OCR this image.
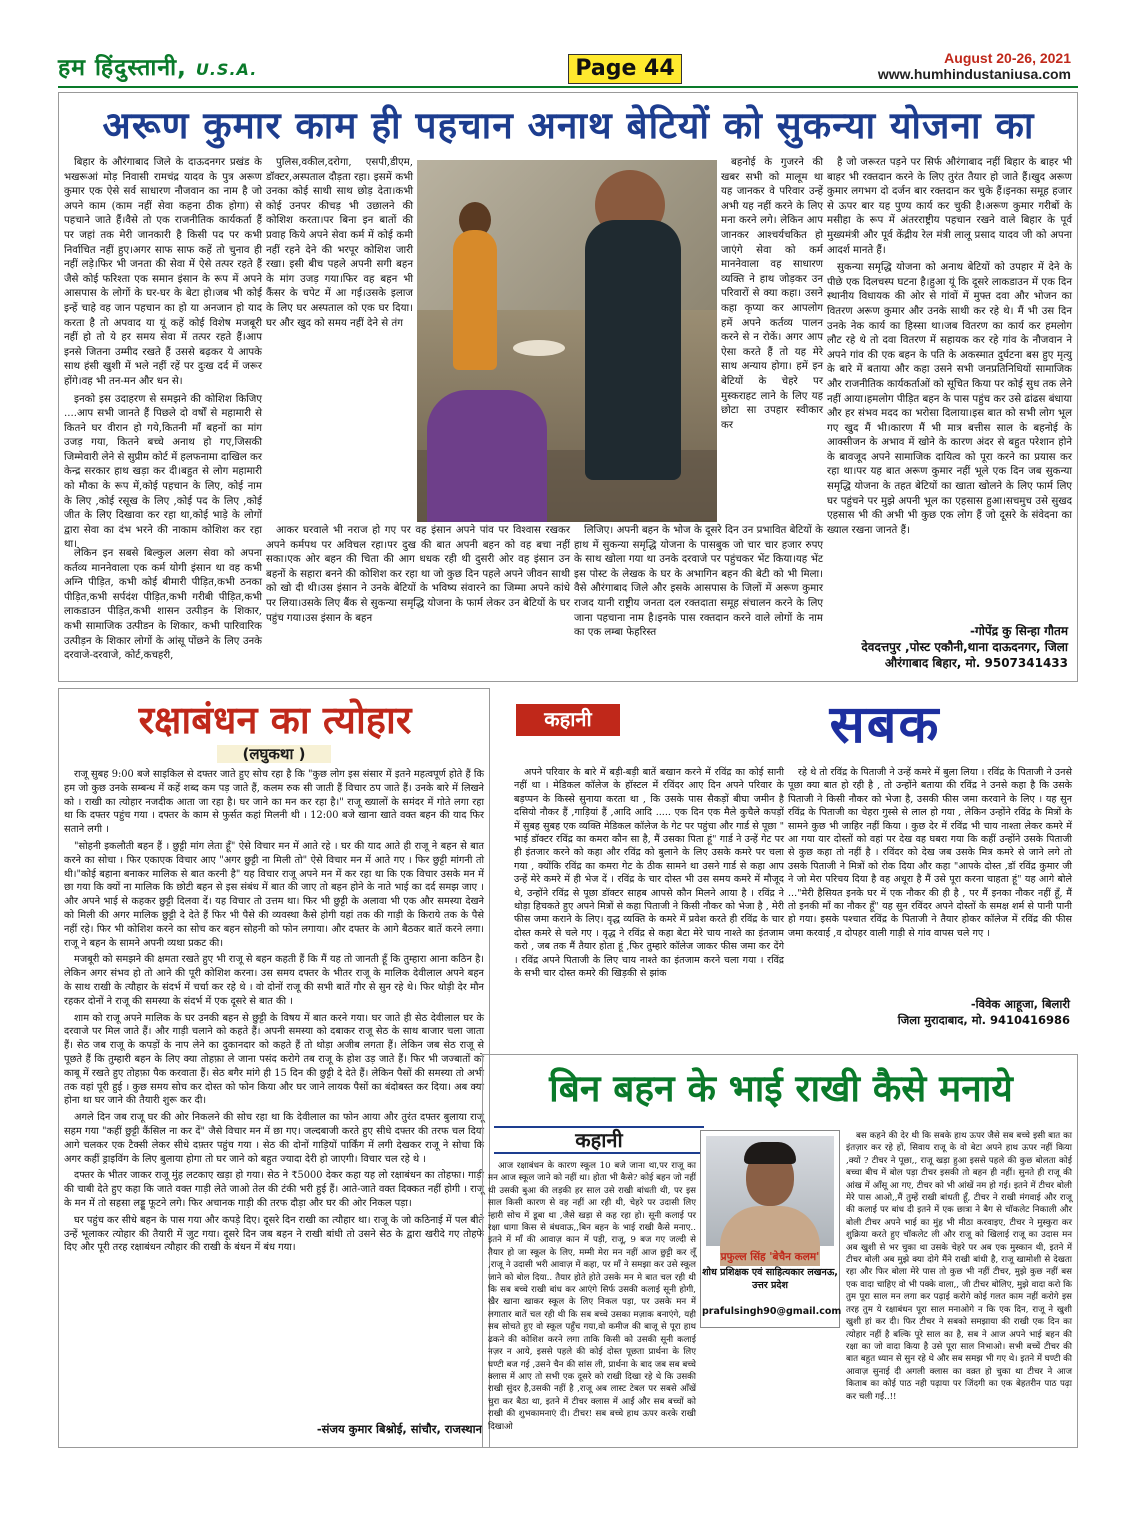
हम हिंदुस्तानी, U.S.A.	Page 44	August 20-26, 2021
www.humhindustaniusa.com
अरूण कुमार काम ही पहचान अनाथ बेटियों को सुकन्या योजना का

बिहार के औरंगाबाद जिले के दाऊदनगर प्रखंड के भखरूआं मोड़ निवासी रामचंद्र यादव के पुत्र अरूण कुमार एक ऐसे सर्व साधारण नौजवान का नाम है जो अपने काम (काम नहीं सेवा कहना ठीक होगा) से पहचाने जाते हैं।वैसे तो एक राजनीतिक कार्यकर्ता हैं पर जहां तक मेरी जानकारी है किसी पद पर कभी निर्वाचित नहीं हुए।अगर साफ साफ कहें तो चुनाव ही नहीं लड़े।फिर भी जनता की सेवा में ऐसे तत्पर रहते हैं जैसे कोई फरिश्ता एक समान इंसान के रूप में अपने आसपास के लोगों के घर-घर के बेटा हो।जब भी कोई इन्हें चाहे वह जान पहचान का हो या अनजान हो याद करता है तो अपवाद या यूं कहें कोई विशेष मजबूरी नहीं हो तो ये हर समय सेवा में तत्पर रहते हैं।आप इनसे जितना उम्मीद रखते हैं उससे बढ़कर ये आपके साथ हंसी खुशी में भले नहीं रहें पर दुःख दर्द में जरूर होंगे।वह भी तन-मन और धन से।

इनको इस उदाहरण से समझने की कोशिश किजिए ....आप सभी जानते हैं पिछले दो वर्षों से महामारी से कितने घर वीरान हो गये,कितनी माँ बहनों का मांग उजड़ गया, कितने बच्चे अनाथ हो गए,जिसकी जिम्मेवारी लेने से सुप्रीम कोर्ट में हलफनामा दाखिल कर केन्द्र सरकार हाथ खड़ा कर दी।बहुत से लोग महामारी को मौका के रूप में,कोई पहचान के लिए, कोई नाम के लिए ,कोई रसूख के लिए ,कोई पद के लिए ,कोई जीत के लिए दिखावा कर रहा था,कोई भाड़े के लोगों द्वारा सेवा का दंभ भरने की नाकाम कोशिश कर रहा था।

लेकिन इन सबसे बिल्कुल अलग सेवा को अपना कर्तव्य माननेवाला एक कर्म योगी इंसान था वह कभी अग्नि पीड़ित, कभी कोई बीमारी पीड़ित,कभी ठनका पीड़ित,कभी सर्पदंश पीड़ित,कभी गरीबी पीड़ित,कभी लाकडाउन पीड़ित,कभी शासन उत्पीड़न के शिकार, कभी सामाजिक उत्पीडन के शिकार, कभी पारिवारिक उत्पीड़न के शिकार लोगों के आंसू पोंछने के लिए उनके दरवाजे-दरवाजे, कोर्ट,कचहरी,

पुलिस,वकील,दरोगा, एसपी,डीएम, डॉक्टर,अस्पताल दौड़ता रहा। इसमें कभी उनका कोई साथी साथ छोड़ देता।कभी कोई उनपर कीचड़ भी उछालने की कोशिश करता।पर बिना इन बातों की प्रवाह किये अपने सेवा कर्म में कोई कमी नहीं रहने देने की भरपूर कोशिश जारी रखा। इसी बीच पहले अपनी सगी बहन के मांग उजड़ गया।फिर वह बहन भी कैंसर के चपेट में आ गई।उसके इलाज के लिए घर अस्पताल को एक घर दिया।घर और खुद को समय नहीं देने से तंग

बहनोई के गुजरने की खबर सभी को मालूम था यह जानकर वे परिवार उन्हें अभी यह नहीं करने के लिए मना करने लगे। लेकिन आप जानकर आश्चर्यचकित हो जाएंगे सेवा को कर्म माननेवाला वह साधारण व्यक्ति ने हाथ जोड़कर उन परिवारों से क्या कहा। उसने कहा कृप्या कर आपलोग हमें अपने कर्तव्य पालन करने से न रोकें। अगर आप ऐसा करते हैं तो यह मेरे साथ अन्याय होगा। हमें इन बेटियों के चेहरे पर मुस्कराहट लाने के लिए यह छोटा सा उपहार स्वीकार कर

आकर घरवाले भी नराज हो गए पर वह इंसान अपने पांव पर विश्वास रखकर अपने कर्मपथ पर अविचल रहा।पर दुख की बात अपनी बहन को वह बचा नहीं सका।एक ओर बहन की चिता की आग धधक रही थी दुसरी ओर वह इंसान उन बहनों के सहारा बनने की कोशिश कर रहा था जो कुछ दिन पहले अपने जीवन साथी को खो दी थी।उस इंसान ने उनके बेटियों के भविष्य संवारने का जिम्मा अपने कांधे पर लिया।उसके लिए बैंक से सुकन्या समृद्धि योजना के फार्म लेकर उन बेटियों के घर पहुंच गया।उस इंसान के बहन

लिजिए। अपनी बहन के भोज के दूसरे दिन उन प्रभावित बेटियों के हाथ में सुकन्या समृद्धि योजना के पासबुक जो चार चार हजार रुपए के साथ खोला गया था उनके दरवाजे पर पहुंचकर भेंट किया।यह भेंट इस पोस्ट के लेखक के घर के अभागिन बहन की बेटी को भी मिला। वैसे औरंगाबाद जिले और इसके आसपास के जिलों में अरूण कुमार राजद यानी राष्ट्रीय जनता दल रक्तदाता समूह संचालन करने के लिए जाना पहचाना नाम है।इनके पास रक्तदान करने वाले लोगों के नाम का एक लम्बा फेहरिस्त

है जो जरूरत पड़ने पर सिर्फ औरंगाबाद नहीं बिहार के बाहर भी बाहर भी रक्तदान करने के लिए तुरंत तैयार हो जाते हैं।खुद अरूण कुमार लगभग दो दर्जन बार रक्तदान कर चुके हैं।इनका समूह हजार से ऊपर बार यह पुण्य कार्य कर चुकी है।अरूण कुमार गरीबों के मसीहा के रूप में अंतरराष्ट्रीय पहचान रखने वाले बिहार के पूर्व मुख्यमंत्री और पूर्व केंद्रीय रेल मंत्री लालू प्रसाद यादव जी को अपना आदर्श मानते हैं।

सुकन्या समृद्धि योजना को अनाथ बेटियों को उपहार में देने के पीछे एक दिलचस्प घटना है।हुआ यूं कि दूसरे लाकडाउन में एक दिन स्थानीय विधायक की ओर से गांवों में मुफ्त दवा और भोजन का वितरण अरूण कुमार और उनके साथी कर रहे थे। मैं भी उस दिन उनके नेक कार्य का हिस्सा था।जब वितरण का कार्य कर हमलोग लौट रहे थे तो दवा वितरण में सहायक कर रहे गांव के नौजवान ने अपने गांव की एक बहन के पति के अकस्मात दुर्घटना बस हुए मृत्यु के बारे में बताया और कहा उसने सभी जनप्रतिनिधियों सामाजिक और राजनीतिक कार्यकर्ताओं को सूचित किया पर कोई सुध तक लेने नहीं आया।हमलोग पीड़ित बहन के पास पहुंच कर उसे ढांढस बंधाया और हर संभव मदद का भरोसा दिलाया।इस बात को सभी लोग भूल गए खुद मैं भी।कारण मैं भी मात्र बत्तीस साल के बहनोई के आक्सीजन के अभाव में खोने के कारण अंदर से बहुत परेशान होने के बावजूद अपने सामाजिक दायित्व को पूरा करने का प्रयास कर रहा था।पर यह बात अरूण कुमार नहीं भूले एक दिन जब सुकन्या समृद्धि योजना के तहत बेटियों का खाता खोलने के लिए फार्म लिए घर पहुंचने पर मुझे अपनी भूल का एहसास हुआ।सचमुच उसे सुखद एहसास भी की अभी भी कुछ एक लोग हैं जो दूसरे के संवेदना का ख्याल रखना जानते हैं।

-गोपेंद्र कु सिन्हा गौतम
देवदत्तपुर ,पोस्ट एकौनी,थाना दाऊदनगर, जिला
औरंगाबाद बिहार, मो. 9507341433
रक्षाबंधन का त्योहार
(लघुकथा )

राजू सुबह 9:00 बजे साइकिल से दफ्तर जाते हुए सोच रहा है कि "कुछ लोग इस संसार में इतने महत्वपूर्ण होते हैं कि हम जो कुछ उनके सम्बन्ध में कहें शब्द कम पड़ जाते हैं, कलम रुक सी जाती हैं विचार ठप जाते हैं। उनके बारे में लिखने को । राखी का त्योहार नजदीक आता जा रहा है। घर जाने का मन कर रहा है।" राजू ख्यालों के समंदर में गोते लगा रहा था कि दफ्तर पहुंच गया । दफ्तर के काम से फुर्सत कहां मिलनी थी । 12:00 बजे खाना खाते वक्त बहन की याद फिर सताने लगी ।

"सोहनी इकलौती बहन हैं । छुट्टी मांग लेता हूँ" ऐसे विचार मन में आते रहे । घर की याद आते ही राजू ने बहन से बात करने का सोचा । फिर एकाएक विचार आए "अगर छुट्टी ना मिली तो" ऐसे विचार मन में आते गए । फिर छुट्टी मांगनी तो थी।"कोई बहाना बनाकर मालिक से बात करनी है" यह विचार राजू अपने मन में कर रहा था कि एक विचार उसके मन में छा गया कि क्यों ना मालिक कि छोटी बहन से इस संबंध में बात की जाए तो बहन होने के नाते भाई का दर्द समझ जाए । और अपने भाई से कहकर छुट्टी दिलवा दें। यह विचार तो उत्तम था। फिर भी छुट्टी के अलावा भी एक और समस्या देखने को मिली की अगर मालिक छुट्टी दे देते हैं फिर भी पैसे की व्यवस्था कैसे होगी यहां तक की गाड़ी के किराये तक के पैसे नहीं रहे। फिर भी कोशिश करने का सोच कर बहन सोहनी को फोन लगाया। और दफ्तर के आगे बैठकर बातें करने लगा। राजू ने बहन के सामने अपनी व्यथा प्रकट की।

मजबूरी को समझने की क्षमता रखते हुए भी राजू से बहन कहती हैं कि मैं यह तो जानती हूँ कि तुम्हारा आना कठिन है। लेकिन अगर संभव हो तो आने की पूरी कोशिश करना। उस समय दफ्तर के भीतर राजू के मालिक देवीलाल अपने बहन के साथ राखी के त्यौहार के संदर्भ में चर्चा कर रहे थे । वो दोनों राजू की सभी बातें गौर से सुन रहे थे। फिर थोड़ी देर मौन रहकर दोनों ने राजू की समस्या के संदर्भ में एक दूसरे से बात की ।

शाम को राजू अपने मालिक के घर उनकी बहन से छुट्टी के विषय में बात करने गया। घर जाते ही सेठ देवीलाल घर के दरवाजे पर मिल जाते हैं। और गाड़ी चलाने को कहते हैं। अपनी समस्या को दबाकर राजू सेठ के साथ बाजार चला जाता हैं। सेठ जब राजू के कपड़ों के नाप लेने का दुकानदार को कहते हैं तो थोड़ा अजीब लगता हैं। लेकिन जब सेठ राजू से पूछते हैं कि तुम्हारी बहन के लिए क्या तोहफ़ा ले जाना पसंद करोगे तब राजू के होश उड़ जाते हैं। फिर भी जज्बातों को काबू में रखते हुए तोहफ़ा पैक करवाता हैं। सेठ बगैर मांगे ही 15 दिन की छुट्टी दे देते हैं। लेकिन पैसों की समस्या तो अभी तक वहां पूरी हुई । कुछ समय सोच कर दोस्त को फोन किया और घर जाने लायक पैसों का बंदोबस्त कर दिया। अब क्या होना था घर जाने की तैयारी शुरू कर दी।

अगले दिन जब राजू घर की ओर निकलने की सोच रहा था कि देवीलाल का फोन आया और तुरंत दफ्तर बुलाया राजू सहम गया "कहीं छुट्टी कैंसिल ना कर दें" जैसे विचार मन में छा गए। जल्दबाजी करते हुए सीधे दफ्तर की तरफ चल दिया आगे चलकर एक टैक्सी लेकर सीधे दफ़्तर पहुंच गया । सेठ की दोनों गाड़ियों पार्किंग में लगी देखकर राजू ने सोचा कि अगर कहीं ड्राइविंग के लिए बुलाया होगा तो घर जाने को बहुत ज्यादा देरी हो जाएगी। विचार चल रहे थे ।

दफ्तर के भीतर जाकर राजू मुंह लटकाए खड़ा हो गया। सेठ ने ₹5000 देकर कहा यह लो रक्षाबंधन का तोहफा। गाड़ी की चाबी देते हुए कहा कि जाते वक्त गाड़ी लेते जाओ तेल की टंकी भरी हुई हैं। आते-जाते वक्त दिक्कत नहीं होगी । राजू के मन में तो सहसा लड्डू फूटने लगे। फिर अचानक गाड़ी की तरफ दौड़ा और घर की ओर निकल पड़ा।

घर पहुंच कर सीधे बहन के पास गया और कपड़े दिए। दूसरे दिन राखी का त्यौहार था। राजू के जो कठिनाई में पल बीते उन्हें भूलाकर त्योहार की तैयारी में जुट गया। दूसरे दिन जब बहन ने राखी बांधी तो उसने सेठ के द्वारा खरीदे गए तोहफे दिए और पूरी तरह रक्षाबंधन त्यौहार की राखी के बंधन में बंध गया।

-संजय कुमार बिश्नोई, सांचौर, राजस्थान
कहानी	सबक

अपने परिवार के बारे में बड़ी-बड़ी बातें बखान करने में रविंद्र का कोई सानी नहीं था । मेडिकल कॉलेज के हॉस्टल में रविंदर आए दिन अपने परिवार के बड़प्पन के किस्से सुनाया करता था , कि उसके पास सैकड़ों बीघा जमीन है दसियो नौकर हैं ,गाड़ियां हैं ,आदि आदि ..... एक दिन एक मैले कुचैले कपड़ों में सुबह सुबह एक व्यक्ति मेडिकल कॉलेज के गेट पर पहुंचा और गार्ड से पूछा " भाई डॉक्टर रविंद्र का कमरा कौन सा है, मैं उसका पिता हूं" गार्ड ने उन्हें गेट पर ही इंतजार करने को कहा और रविंद्र को बुलाने के लिए उसके कमरे पर चला गया , क्योंकि रविंद्र का कमरा गेट के ठीक सामने था उसने गार्ड से कहा आप उन्हें मेरे कमरे में ही भेज दें । रविंद्र के चार दोस्त भी उस समय कमरे में मौजूद थे, उन्होंने रविंद्र से पूछा डॉक्टर साहब आपसे कौन मिलने आया है । रविंद्र ने थोड़ा हिचकते हुए अपने मित्रों से कहा पिताजी ने किसी नौकर को भेजा है , मेरी फीस जमा कराने के लिए। वृद्ध व्यक्ति के कमरे में प्रवेश करते ही रविंद्र के चार दोस्त कमरे से चले गए । वृद्ध ने रविंद्र से कहा बेटा मेरे चाय नाश्ते का इंतजाम करो , जब तक मैं तैयार होता हूं ,फिर तुम्हारे कॉलेज जाकर फीस जमा कर देंगे । रविंद्र अपने पिताजी के लिए चाय नाश्ते का इंतजाम करने चला गया । रविंद्र के सभी चार दोस्त कमरे की खिड़की से झांक

रहे थे तो रविंद्र के पिताजी ने उन्हें कमरे में बुला लिया । रविंद्र के पिताजी ने उनसे पूछा क्या बात हो रही है , तो उन्होंने बताया की रविंद्र ने उनसे कहा है कि उसके पिताजी ने किसी नौकर को भेजा है, उसकी फीस जमा करवाने के लिए । यह सुन रविंद्र के पिताजी का चेहरा गुस्से से लाल हो गया , लेकिन उन्होंने रविंद्र के मित्रों के सामने कुछ भी जाहिर नहीं किया । कुछ देर में रविंद्र भी चाय नाश्ता लेकर कमरे में आ गया यार दोस्तों को वहां पर देख वह घबरा गया कि कहीं उन्होंने उसके पिताजी से कुछ कहा तो नहीं है । रविंदर को देख जब उसके मित्र कमरे से जाने लगे तो उसके पिताजी ने मित्रों को रोक दिया और कहा "आपके दोस्त ,डॉ रविंद्र कुमार जी ने जो मेरा परिचय दिया है वह अधूरा है मैं उसे पूरा करना चाहता हूं" यह आगे बोले ..."मेरी हैसियत इनके घर में एक नौकर की ही है , पर मैं इनका नौकर नहीं हूँ, मैं तो इनकी माँ का नौकर हूँ" यह सुन रविंदर अपने दोस्तों के समक्ष शर्म से पानी पानी हो गया। इसके पश्चात रविंद्र के पिताजी ने तैयार होकर कॉलेज में रविंद्र की फीस जमा करवाई ,व दोपहर वाली गाड़ी से गांव वापस चले गए ।

-विवेक आहूजा, बिलारी
जिला मुरादाबाद, मो. 9410416986
बिन बहन के भाई राखी कैसे मनाये
कहानी
प्रफुल्ल सिंह 'बेचैन कलम'
शोध प्रशिक्षक एवं साहित्यकार लखनऊ, उत्तर प्रदेश
prafulsingh90@gmail.com

आज रक्षाबंधन के कारण स्कूल 10 बजे जाना था,पर राजू का मन आज स्कूल जाने को नहीं था। होता भी कैसे? कोई बहन जो नहीं थी उसकी बुआ की लड़की हर साल उसे राखी बांधती थी, पर इस साल किसी कारण से वह नहीं आ रही थी, चेहरे पर उदासी लिए न्हारी सोच में डूबा था ,जैसे खड़ा से कह रहा हो। सूनी कलाई पर रक्षा धागा किस से बंधवाऊ,,बिन बहन के भाई राखी कैसे मनाए.. इतने में माँ की आवाज़ कान में पड़ी, राजू, 9 बज गए जल्दी से तैयार हो जा स्कूल के लिए, मम्मी मेरा मन नहीं आज छुट्टी कर लूँ ,राजू ने उदासी भरी आवाज़ में कहा, पर माँ ने समझा कर उसे स्कूल जाने को बोल दिया.. तैयार होते होते उसके मन मे बात चल रही थी कि सब बच्चे राखी बांध कर आएंगे सिर्फ उसकी कलाई सूनी होगी, खैर खाना खाकर स्कूल के लिए निकल पड़ा, पर उसके मन में लगातार बातें चल रही थी कि सब बच्चे उसका मज़ाक बनाएंगे, यही सब सोचते हुए वो स्कूल पहुँच गया,वो कमीज की बाजू से पूरा हाथ ढकने की कोशिश करने लगा ताकि किसी को उसकी सूनी कलाई नज़र न आये, इससे पहले की कोई दोस्त पूछता प्रार्थना के लिए घण्टी बज गई ,उसने चैन की सांस ली, प्रार्थना के बाद जब सब बच्चे क्लास में आए तो सभी एक दूसरे को राखी दिखा रहे थे कि उसकी राखी सुंदर है,उसकी नहीं है ,राजू अब लास्ट टेबल पर सबसे आँखें चुरा कर बैठा था, इतने में टीचर क्लास में आईं और सब बच्चों को राखी की शुभकामनाएं दी। टीचर! सब बच्चे हाथ ऊपर करके राखी दिखाओ

बस कहने की देर थी कि सबके हाथ ऊपर जैसे सब बच्चे इसी बात का इंतज़ार कर रहे हों, सिवाय राजू के वो बेटा अपने हाथ ऊपर नहीं किया ,क्यों ? टीचर ने पूछा,, राजू खड़ा हुआ इससे पहले की कुछ बोलता कोई बच्चा बीच में बोल पड़ा टीचर इसकी तो बहन ही नहीं। सुनते ही राजू की आंख में आँसू आ गए, टीचर को भी आंखें नम हो गई। इतने में टीचर बोली मेरे पास आओ,,मैं तुम्हें राखी बांधती हूँ, टीचर ने राखी मंगवाई और राजू की कलाई पर बांध दी इतने में एक छात्रा ने बैग से चॉकलेट निकाली और बोली टीचर अपने भाई का मुंह भी मीठा करवाइए, टीचर ने मुस्कुरा कर शुक्रिया करते हुए चॉकलेट ली और राजू को खिलाई राजू का उदास मन अब खुशी से भर चुका था उसके चेहरे पर अब एक मुस्कान थी, इतने में टीचर बोली अब मुझे क्या दोगे मैंने राखी बांधी है, राजू खामोशी से देखता रहा और फिर बोला मेरे पास तो कुछ भी नहीं टीचर, मुझे कुछ नहीं बस एक वादा चाहिए वो भी पक्के वाला,, जी टीचर बोलिए, मुझे वादा करो कि तुम पूरा साल मन लगा कर पढ़ाई करोगे कोई गलत काम नहीं करोगे इस तरह तुम ये रक्षाबंधन पूरा साल मनाओगे न कि एक दिन, राजू ने खुशी खुशी हां कर दी। फिर टीचर ने सबको समझाया की राखी एक दिन का त्योहार नहीं है बल्कि पूरे साल का है, सब ने आज अपने भाई बहन की रक्षा का जो वादा किया है उसे पूरा साल निभाओ। सभी बच्चें टीचर की बात बहुत ध्यान से सुन रहे थे और सब समझ भी गए थे। इतने में घण्टी की आवाज़ सुनाई दी अगली क्लास का वक़्त हो चुका था टीचर ने आज किताब का कोई पाठ नही पढ़ाया पर जिंदगी का एक बेहतरीन पाठ पढ़ा कर चली गईं..!!
